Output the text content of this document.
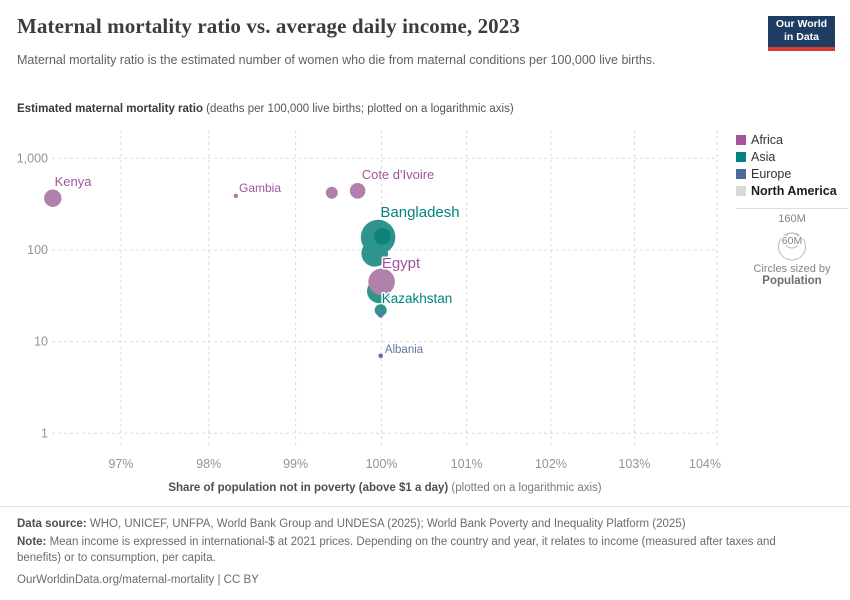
Maternal mortality ratio vs. average daily income, 2023	Our World
in Data

Maternal mortality ratio is the estimated number of women who die from maternal conditions per 100,000 live births.

Estimated maternal mortality ratio (deaths per 100,000 live births; plotted on a logarithmic axis)
1,000
100
10
1
97%	98%	99%	100%	101%	102%	103%	104%
Bangladesh
Kazakhstan
Egypt
Albania
Kenya	Gambia
Cote d'Ivoire
Share of population not in poverty (above $1 a day) (plotted on a logarithmic axis)
Africa
Asia
Europe
North America
160M
60M
Circles sized by
Population

Data source: WHO, UNICEF, UNFPA, World Bank Group and UNDESA (2025); World Bank Poverty and Inequality Platform (2025)

Note: Mean income is expressed in international-$ at 2021 prices. Depending on the country and year, it relates to income (measured after taxes and benefits) or to consumption, per capita.

OurWorldinData.org/maternal-mortality | CC BY
